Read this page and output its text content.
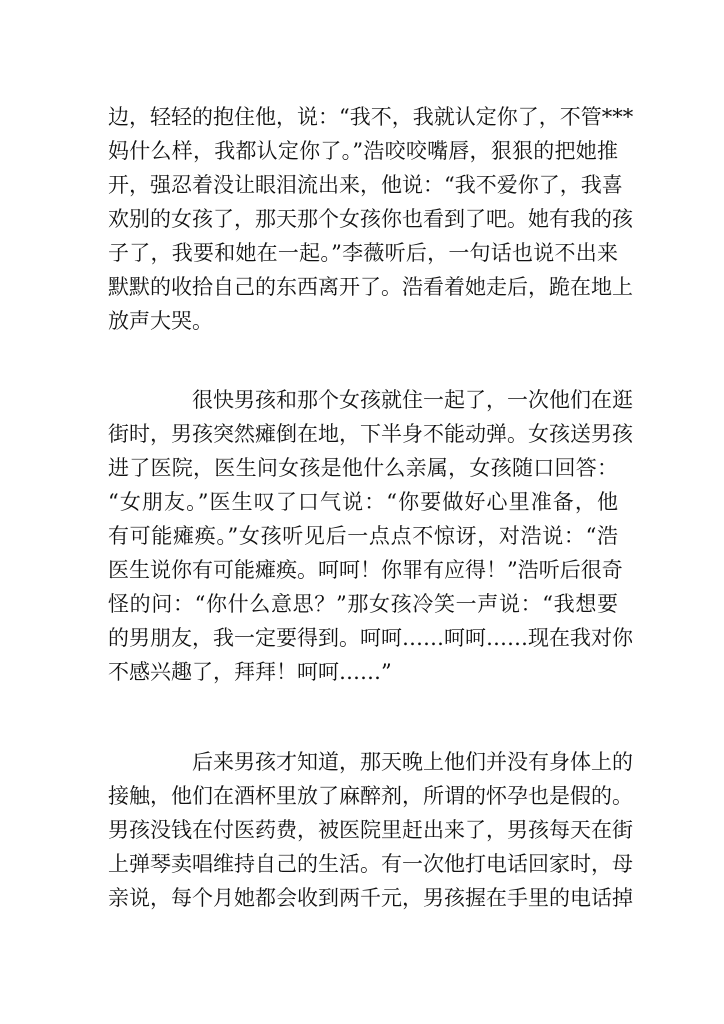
边，轻轻的抱住他，说：“我不，我就认定你了，不管***
妈什么样，我都认定你了。”浩咬咬嘴唇，狠狠的把她推
开，强忍着没让眼泪流出来，他说：“我不爱你了，我喜
欢别的女孩了，那天那个女孩你也看到了吧。她有我的孩
子了，我要和她在一起。”李薇听后，一句话也说不出来
默默的收拾自己的东西离开了。浩看着她走后，跪在地上
放声大哭。
很快男孩和那个女孩就住一起了，一次他们在逛
街时，男孩突然瘫倒在地，下半身不能动弹。女孩送男孩
进了医院，医生问女孩是他什么亲属，女孩随口回答：
“女朋友。”医生叹了口气说：“你要做好心里准备，他
有可能瘫痪。”女孩听见后一点点不惊讶，对浩说：“浩
医生说你有可能瘫痪。呵呵！你罪有应得！”浩听后很奇
怪的问：“你什么意思？”那女孩冷笑一声说：“我想要
的男朋友，我一定要得到。呵呵……呵呵……现在我对你
不感兴趣了，拜拜！呵呵……”
后来男孩才知道，那天晚上他们并没有身体上的
接触，他们在酒杯里放了麻醉剂，所谓的怀孕也是假的。
男孩没钱在付医药费，被医院里赶出来了，男孩每天在街
上弹琴卖唱维持自己的生活。有一次他打电话回家时，母
亲说，每个月她都会收到两千元，男孩握在手里的电话掉
